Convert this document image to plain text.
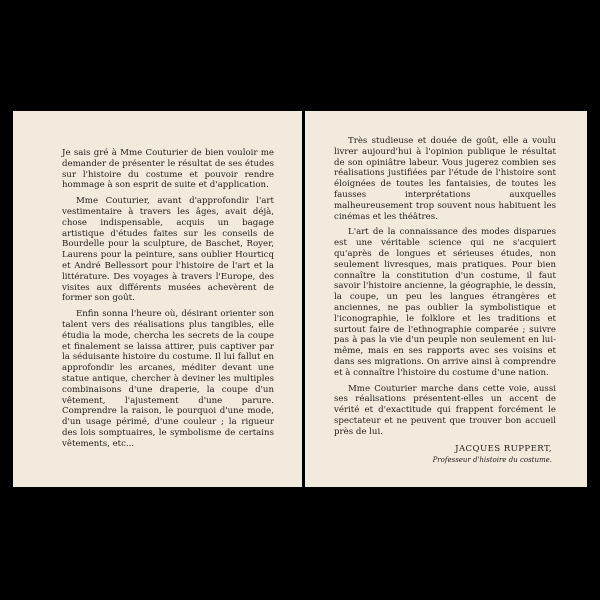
Je sais gré à Mme Couturier de bien vouloir me demander de présenter le résultat de ses études sur l'histoire du costume et pouvoir rendre hommage à son esprit de suite et d'application.

Mme Couturier, avant d'approfondir l'art vestimentaire à travers les âges, avait déjà, chose indispensable, acquis un bagage artistique d'études faites sur les conseils de Bourdelle pour la sculpture, de Baschet, Royer, Laurens pour la peinture, sans oublier Hourticq et André Bellessort pour l'histoire de l'art et la littérature. Des voyages à travers l'Europe, des visites aux différents musées achevèrent de former son goût.

Enfin sonna l'heure où, désirant orienter son talent vers des réalisations plus tangibles, elle étudia la mode, chercha les secrets de la coupe et finalement se laissa attirer, puis captiver par la séduisante histoire du costume. Il lui fallut en approfondir les arcanes, méditer devant une statue antique, chercher à deviner les multiples combinaisons d'une draperie, la coupe d'un vêtement, l'ajustement d'une parure. Comprendre la raison, le pourquoi d'une mode, d'un usage périmé, d'une couleur ; la rigueur des lois somptuaires, le symbolisme de certains vêtements, etc...

Très studieuse et douée de goût, elle a voulu livrer aujourd'hui à l'opinion publique le résultat de son opiniâtre labeur. Vous jugerez combien ses réalisations justifiées par l'étude de l'histoire sont éloignées de toutes les fantaisies, de toutes les fausses interprétations auxquelles malheureusement trop souvent nous habituent les cinémas et les théâtres.

L'art de la connaissance des modes disparues est une véritable science qui ne s'acquiert qu'après de longues et sérieuses études, non seulement livresques, mais pratiques. Pour bien connaître la constitution d'un costume, il faut savoir l'histoire ancienne, la géographie, le dessin, la coupe, un peu les langues étrangères et anciennes, ne pas oublier la symbolistique et l'iconographie, le folklore et les traditions et surtout faire de l'ethnographie comparée ; suivre pas à pas la vie d'un peuple non seulement en lui-même, mais en ses rapports avec ses voisins et dans ses migrations. On arrive ainsi à comprendre et à connaître l'histoire du costume d'une nation.

Mme Couturier marche dans cette voie, aussi ses réalisations présentent-elles un accent de vérité et d'exactitude qui frappent forcément le spectateur et ne peuvent que trouver bon accueil près de lui.

JACQUES RUPPERT,
Professeur d'histoire du costume.
